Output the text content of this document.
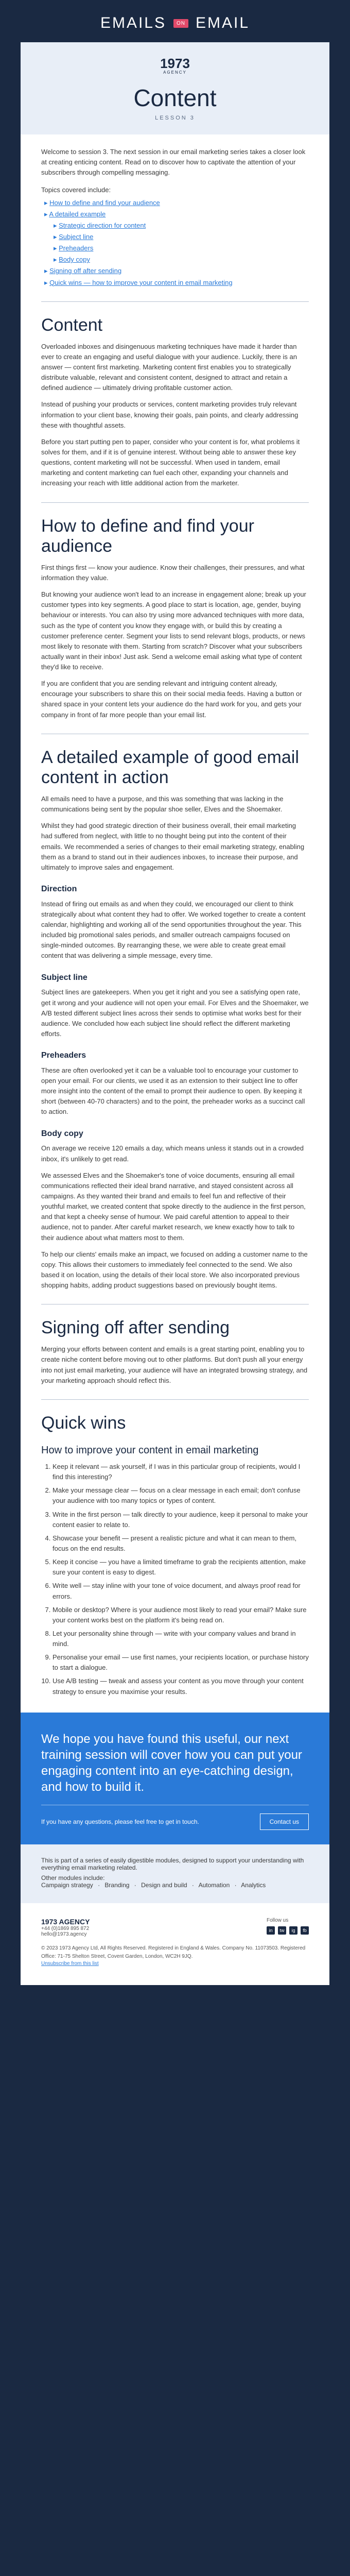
EMAILS	ON EMAIL
1973
AGENCY
Content
LESSON 3

Welcome to session 3. The next session in our email marketing series takes a closer look at creating enticing content. Read on to discover how to captivate the attention of your subscribers through compelling messaging.

Topics covered include:
▸ How to define and find your audience
▸ A detailed example
▸ Strategic direction for content
▸ Subject line
▸ Preheaders
▸ Body copy
▸ Signing off after sending
▸ Quick wins — how to improve your content in email marketing
Content

Overloaded inboxes and disingenuous marketing techniques have made it harder than ever to create an engaging and useful dialogue with your audience. Luckily, there is an answer — content first marketing. Marketing content first enables you to strategically distribute valuable, relevant and consistent content, designed to attract and retain a defined audience — ultimately driving profitable customer action.

Instead of pushing your products or services, content marketing provides truly relevant information to your client base, knowing their goals, pain points, and clearly addressing these with thoughtful assets.

Before you start putting pen to paper, consider who your content is for, what problems it solves for them, and if it is of genuine interest. Without being able to answer these key questions, content marketing will not be successful. When used in tandem, email marketing and content marketing can fuel each other, expanding your channels and increasing your reach with little additional action from the marketer.

How to define and find your audience

First things first — know your audience. Know their challenges, their pressures, and what information they value.

But knowing your audience won't lead to an increase in engagement alone; break up your customer types into key segments. A good place to start is location, age, gender, buying behaviour or interests. You can also try using more advanced techniques with more data, such as the type of content you know they engage with, or build this by creating a customer preference center. Segment your lists to send relevant blogs, products, or news most likely to resonate with them. Starting from scratch? Discover what your subscribers actually want in their inbox! Just ask. Send a welcome email asking what type of content they'd like to receive.

If you are confident that you are sending relevant and intriguing content already, encourage your subscribers to share this on their social media feeds. Having a button or shared space in your content lets your audience do the hard work for you, and gets your company in front of far more people than your email list.

A detailed example of good email content in action

All emails need to have a purpose, and this was something that was lacking in the communications being sent by the popular shoe seller, Elves and the Shoemaker.

Whilst they had good strategic direction of their business overall, their email marketing had suffered from neglect, with little to no thought being put into the content of their emails. We recommended a series of changes to their email marketing strategy, enabling them as a brand to stand out in their audiences inboxes, to increase their purpose, and ultimately to improve sales and engagement.

Direction

Instead of firing out emails as and when they could, we encouraged our client to think strategically about what content they had to offer. We worked together to create a content calendar, highlighting and working all of the send opportunities throughout the year. This included big promotional sales periods, and smaller outreach campaigns focused on single-minded outcomes. By rearranging these, we were able to create great email content that was delivering a simple message, every time.

Subject line

Subject lines are gatekeepers. When you get it right and you see a satisfying open rate, get it wrong and your audience will not open your email. For Elves and the Shoemaker, we A/B tested different subject lines across their sends to optimise what works best for their audience. We concluded how each subject line should reflect the different marketing efforts.

Preheaders

These are often overlooked yet it can be a valuable tool to encourage your customer to open your email. For our clients, we used it as an extension to their subject line to offer more insight into the content of the email to prompt their audience to open. By keeping it short (between 40-70 characters) and to the point, the preheader works as a succinct call to action.

Body copy

On average we receive 120 emails a day, which means unless it stands out in a crowded inbox, it's unlikely to get read.

We assessed Elves and the Shoemaker's tone of voice documents, ensuring all email communications reflected their ideal brand narrative, and stayed consistent across all campaigns. As they wanted their brand and emails to feel fun and reflective of their youthful market, we created content that spoke directly to the audience in the first person, and that kept a cheeky sense of humour. We paid careful attention to appeal to their audience, not to pander. After careful market research, we knew exactly how to talk to their audience about what matters most to them.

To help our clients' emails make an impact, we focused on adding a customer name to the copy. This allows their customers to immediately feel connected to the send. We also based it on location, using the details of their local store. We also incorporated previous shopping habits, adding product suggestions based on previously bought items.

Signing off after sending

Merging your efforts between content and emails is a great starting point, enabling you to create niche content before moving out to other platforms. But don't push all your energy into not just email marketing, your audience will have an integrated browsing strategy, and your marketing approach should reflect this.

Quick wins
How to improve your content in email marketing
1. Keep it relevant — ask yourself, if I was in this particular group of recipients, would I find this interesting?
2. Make your message clear — focus on a clear message in each email; don't confuse your audience with too many topics or types of content.
3. Write in the first person — talk directly to your audience, keep it personal to make your content easier to relate to.
4. Showcase your benefit — present a realistic picture and what it can mean to them, focus on the end results.
5. Keep it concise — you have a limited timeframe to grab the recipients attention, make sure your content is easy to digest.
6. Write well — stay inline with your tone of voice document, and always proof read for errors.
7. Mobile or desktop? Where is your audience most likely to read your email? Make sure your content works best on the platform it's being read on.
8. Let your personality shine through — write with your company values and brand in mind.
9. Personalise your email — use first names, your recipients location, or purchase history to start a dialogue.
10. Use A/B testing — tweak and assess your content as you move through your content strategy to ensure you maximise your results.
We hope you have found this useful, our next training session will cover how you can put your engaging content into an eye-catching design, and how to build it.
If you have any questions, please feel free to get in touch.	Contact us
This is part of a series of easily digestible modules, designed to support your understanding with everything email marketing related.
Other modules include:
Campaign strategy · Branding · Design and build · Automation · Analytics
1973 AGENCY
+44 (0)1869 895 872
hello@1973.agency
Follow us
in	tw	ig	fb
© 2023 1973 Agency Ltd, All Rights Reserved. Registered in England & Wales. Company No. 11073503. Registered Office: 71-75 Shelton Street, Covent Garden, London, WC2H 9JQ.
Unsubscribe from this list
